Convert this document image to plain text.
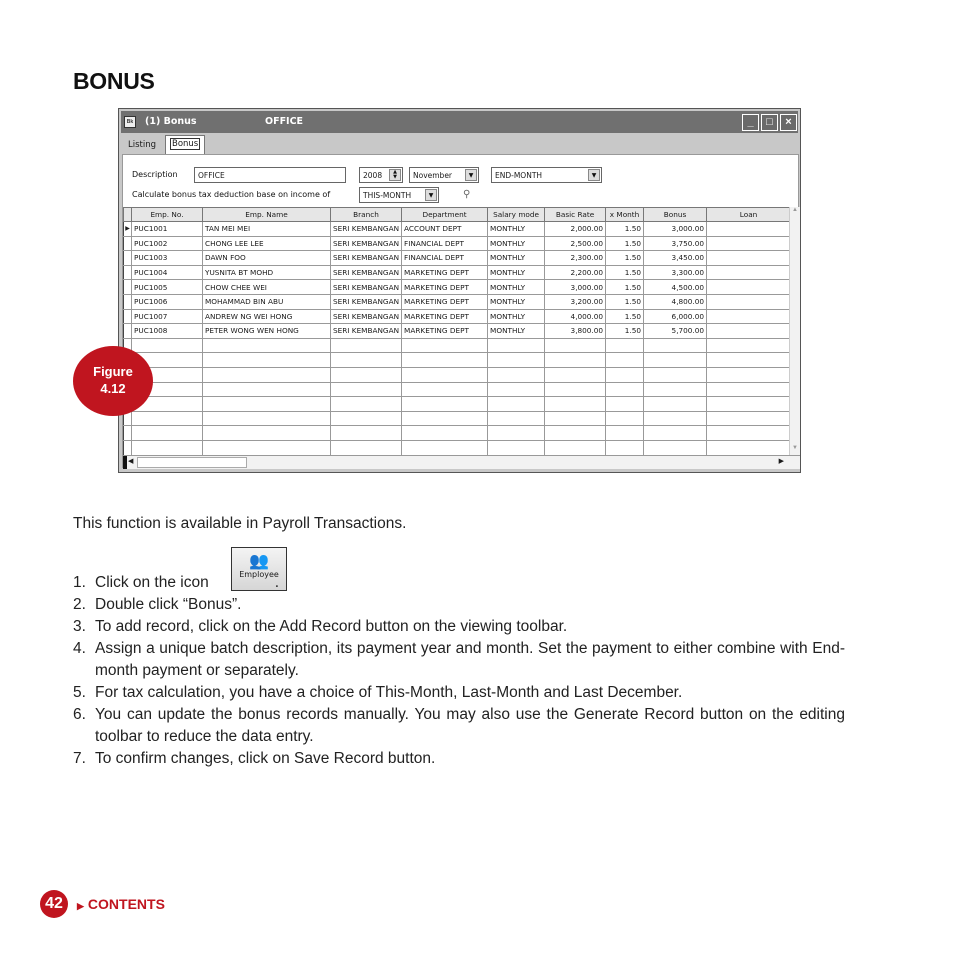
BONUS
Bk (1) Bonus	OFFICE	_	□	×
Listing	Bonus
Description	OFFICE	2008	▲
▼	November	▼	END-MONTH	▼
Calculate bonus tax deduction base on income of	THIS-MONTH	▼	⚲
	Emp. No.	Emp. Name	Branch	Department	Salary mode	Basic Rate	x Month	Bonus	Loan
▶	PUC1001	TAN MEI MEI	SERI KEMBANGAN	ACCOUNT DEPT	MONTHLY	2,000.00	1.50	3,000.00	
	PUC1002	CHONG LEE LEE	SERI KEMBANGAN	FINANCIAL DEPT	MONTHLY	2,500.00	1.50	3,750.00	
	PUC1003	DAWN FOO	SERI KEMBANGAN	FINANCIAL DEPT	MONTHLY	2,300.00	1.50	3,450.00	
	PUC1004	YUSNITA BT MOHD	SERI KEMBANGAN	MARKETING DEPT	MONTHLY	2,200.00	1.50	3,300.00	
	PUC1005	CHOW CHEE WEI	SERI KEMBANGAN	MARKETING DEPT	MONTHLY	3,000.00	1.50	4,500.00	
	PUC1006	MOHAMMAD BIN ABU	SERI KEMBANGAN	MARKETING DEPT	MONTHLY	3,200.00	1.50	4,800.00	
	PUC1007	ANDREW NG WEI HONG	SERI KEMBANGAN	MARKETING DEPT	MONTHLY	4,000.00	1.50	6,000.00	
	PUC1008	PETER WONG WEN HONG	SERI KEMBANGAN	MARKETING DEPT	MONTHLY	3,800.00	1.50	5,700.00	

▲
▼
◀	▶
Figure
4.12
This function is available in Payroll Transactions.
👥
Employee
1. Click on the icon	.
2. Double click “Bonus”.
3. To add record, click on the Add Record button on the viewing toolbar.
4. Assign a unique batch description, its payment year and month. Set the payment to either combine with End-month payment or separately.
5. For tax calculation, you have a choice of This-Month, Last-Month and Last December.
6. You can update the bonus records manually. You may also use the Generate Record button on the editing toolbar to reduce the data entry.
7. To confirm changes, click on Save Record button.
42	▶ CONTENTS
